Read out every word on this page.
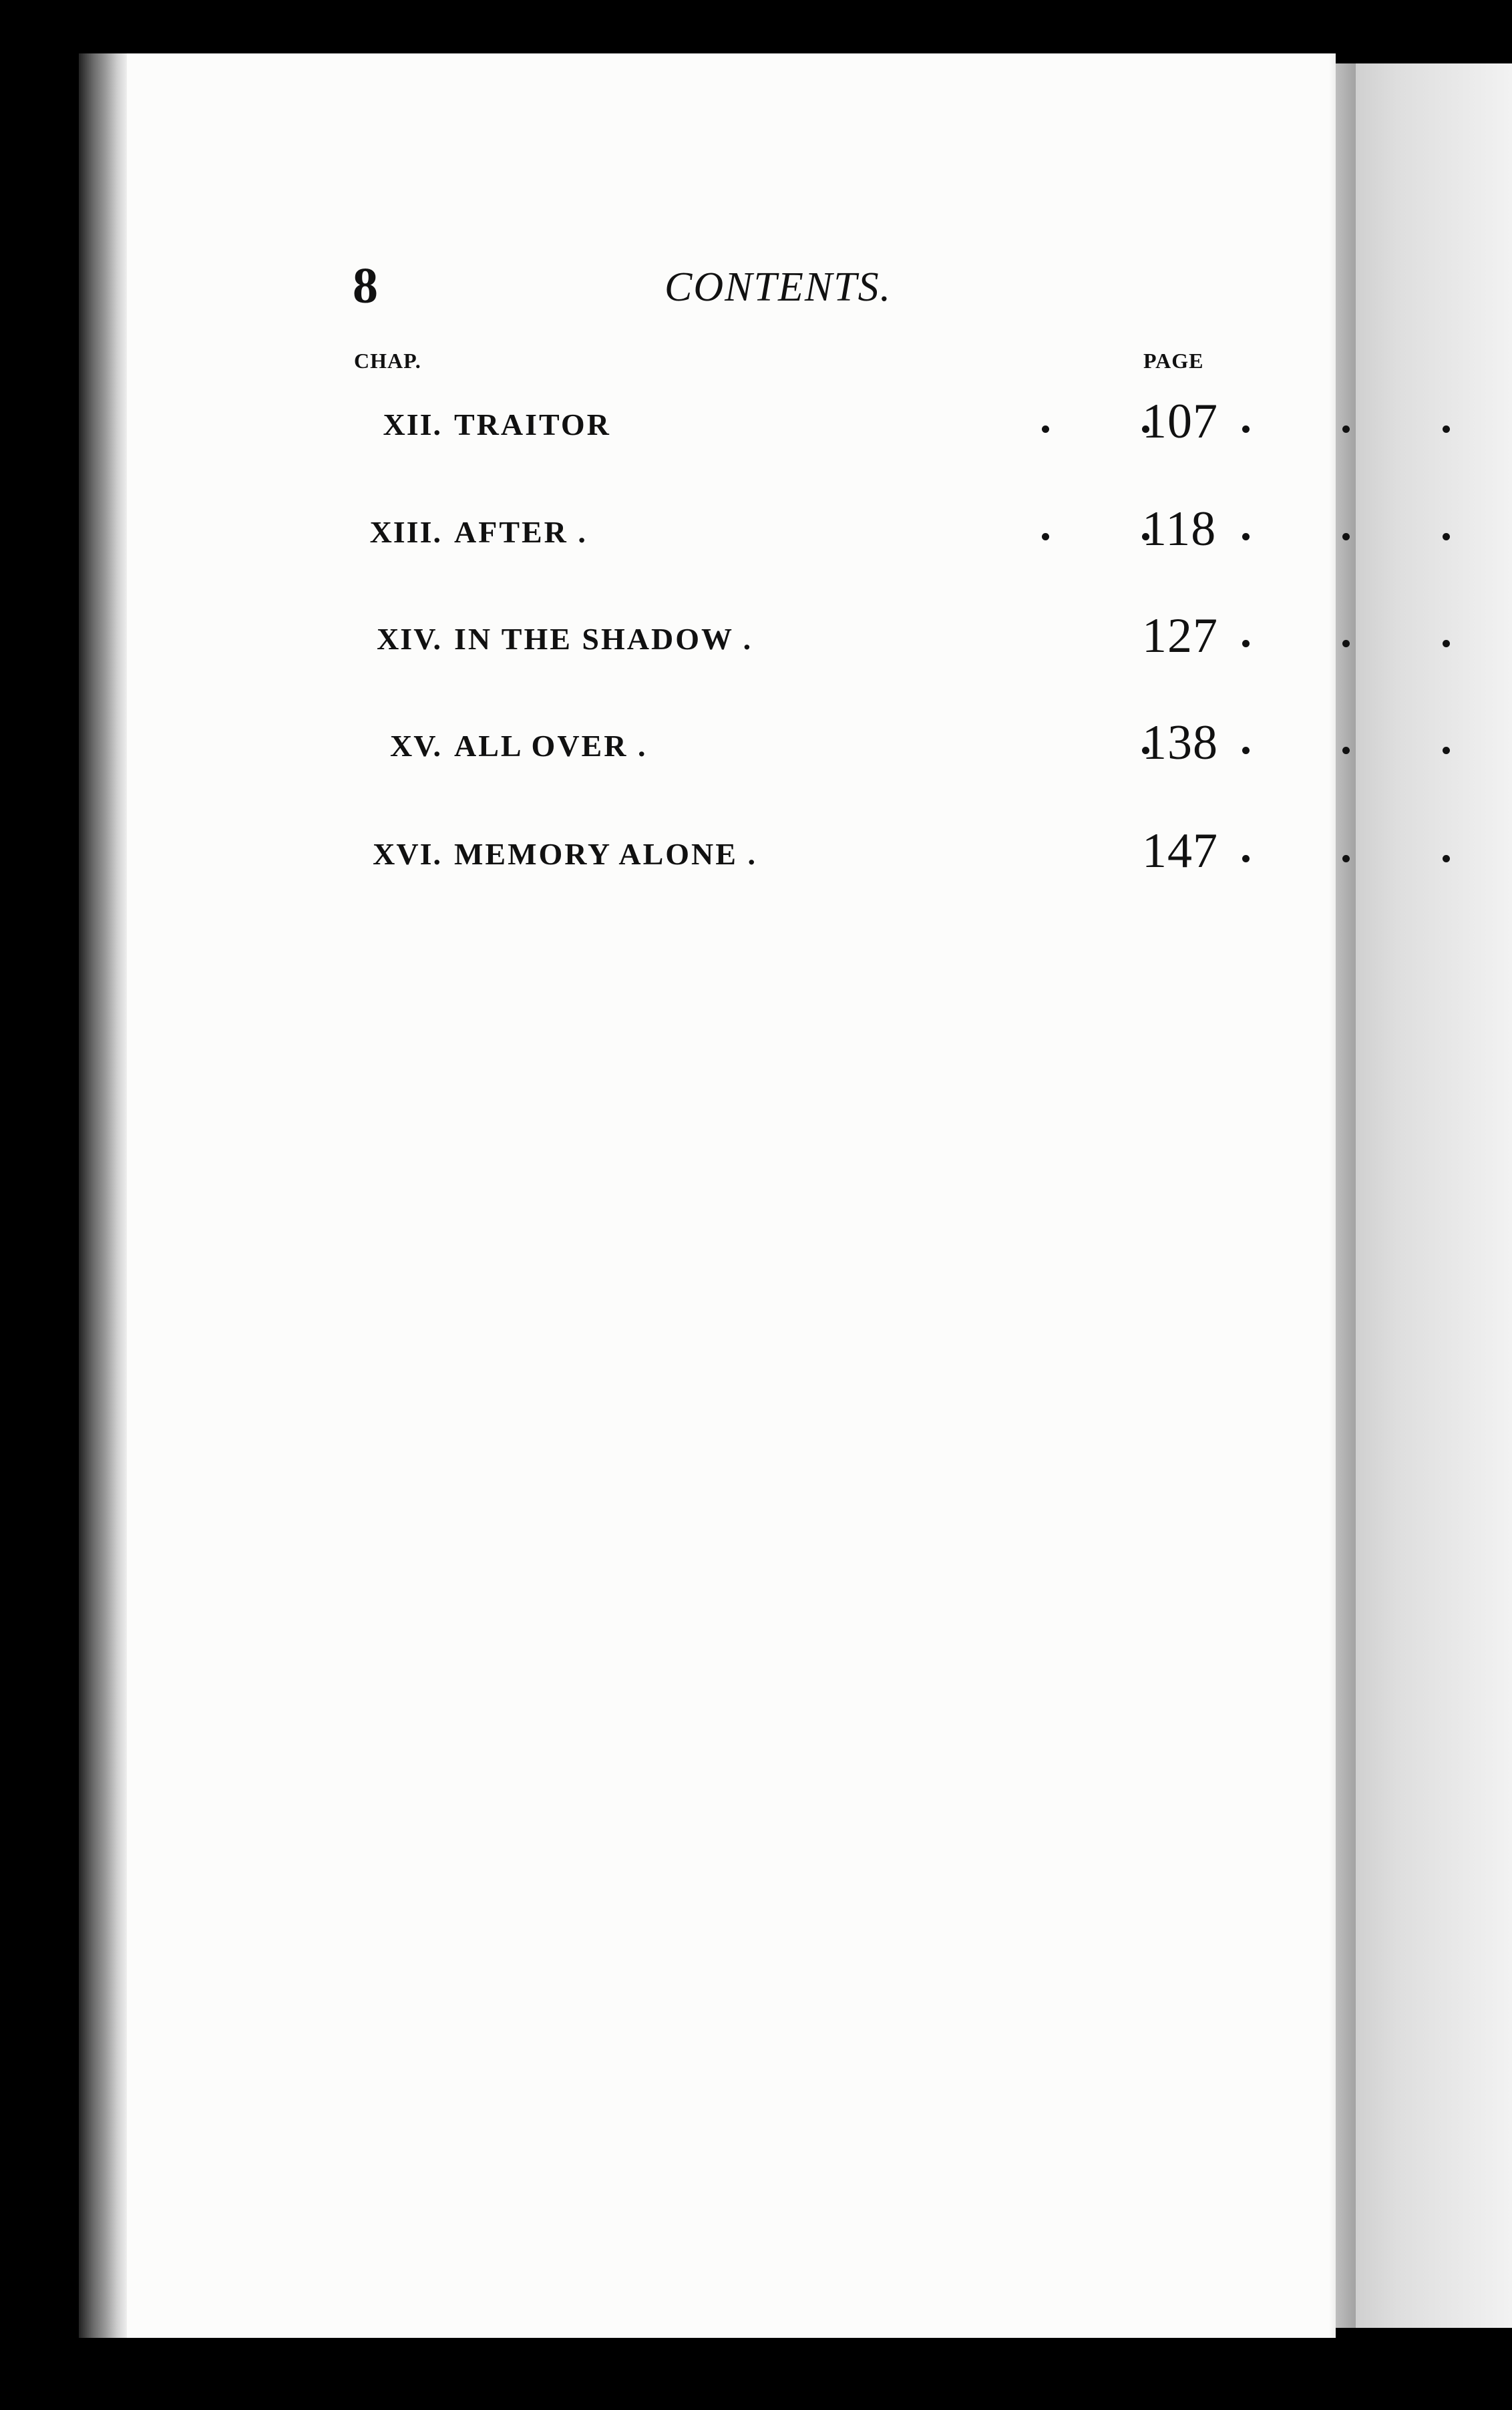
8	CONTENTS.
CHAP.	PAGE
XII. TRAITOR	107
XIII. AFTER .	118
XIV. IN THE SHADOW .	127
XV. ALL OVER .	138
XVI. MEMORY ALONE .	147
